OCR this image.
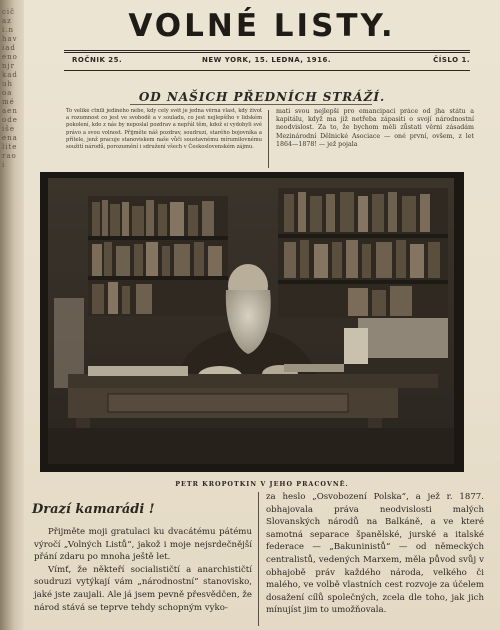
cičazi.nhaviadenonjrkaduhoaméaenodeišeenaliteraoi
VOLNÉ LISTY.
ROČNIK 25.	NEW YORK, 15. LEDNA, 1916.	ČÍSLO 1.
OD NAŠICH PŘEDNÍCH STRÁŽÍ.
To veliké ctnili jediného nebe, kdy celý svět je jedna věrná vlast, kdy život a rozumnost co jest ve svobodě a v souladu, co jest nejlepšího v lidském pokolení, kdo z nás by neposlal pozdrav a nepřál těm, kdož si vydobyli své právo a svou volnost. Přijměte náš pozdrav, soudruzi, starého bojovníka a přítele, jenž pracuje stanoviskem naše vůči soustavnému mírumilovnému soužití národů, porozumění i sdružení všech v Československém zájmu.
mati svou nejlepší pro emancipaci práce od jha státu a kapitálu, když ma již netřeba zápasiti o svojí národnostní neodvislost. Za to, že bychom měli zůstati věrni zásadám Mezinárodní Dělnické Asociace — oné první, ovšem, z let 1864—1878! — jež pojala
PETR KROPOTKIN V JEHO PRACOVNĚ.
Drazí kamarádi !

Přijměte moji gratulaci ku dvacátému pátému výročí „Volných Listů“, jakož i moje nejsrdečnější přání zdaru po mnoha ještě let.

Vímť, že někteří socialističtí a anarchističtí soudruzi vytýkají vám „národnostní“ stanovisko, jaké jste zaujali. Ale já jsem pevně přesvědčen, že národ stává se teprve tehdy schopným vyko-

za heslo „Osvobození Polska“, a jež r. 1877. obhajovala práva neodvislosti malých Slovanských národů na Balkáně, a ve které samotná separace španělské, jurské a italské federace — „Bakuninistů“ — od německých centralistů, vedených Marxem, měla původ svůj v obhajobě práv každého národa, velkého či malého, ve volbě vlastních cest rozvoje za účelem dosažení cílů společných, zcela dle toho, jak jich mínujíst jim to umožňovala.
